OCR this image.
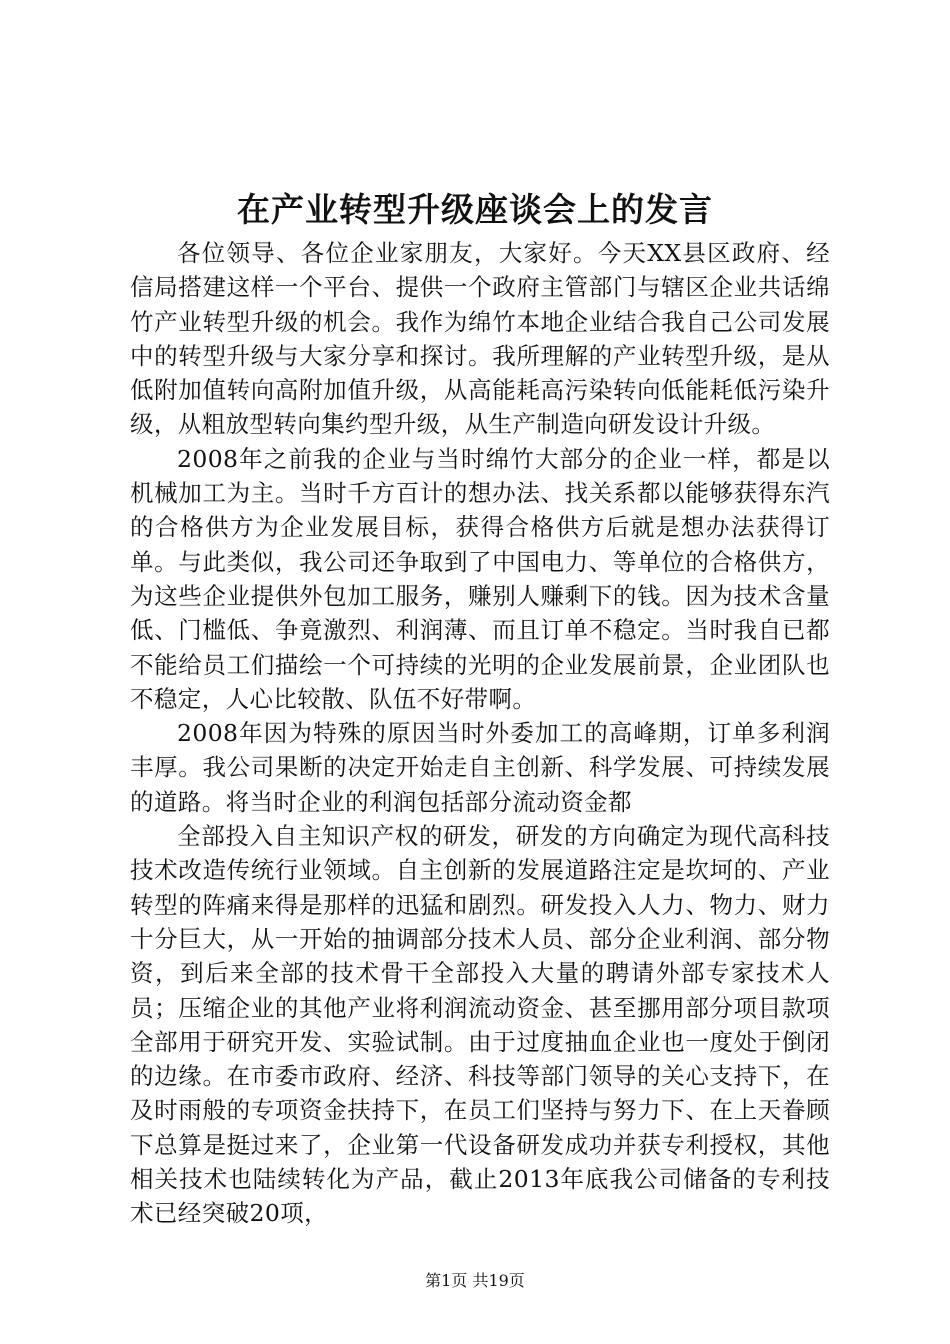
在产业转型升级座谈会上的发言

各位领导、各位企业家朋友，大家好。今天XX县区政府、经信局搭建这样一个平台、提供一个政府主管部门与辖区企业共话绵竹产业转型升级的机会。我作为绵竹本地企业结合我自己公司发展中的转型升级与大家分享和探讨。我所理解的产业转型升级，是从低附加值转向高附加值升级，从高能耗高污染转向低能耗低污染升级，从粗放型转向集约型升级，从生产制造向研发设计升级。

2008年之前我的企业与当时绵竹大部分的企业一样，都是以机械加工为主。当时千方百计的想办法、找关系都以能够获得东汽的合格供方为企业发展目标，获得合格供方后就是想办法获得订单。与此类似，我公司还争取到了中国电力、等单位的合格供方，为这些企业提供外包加工服务，赚别人赚剩下的钱。因为技术含量低、门槛低、争竟激烈、利润薄、而且订单不稳定。当时我自已都不能给员工们描绘一个可持续的光明的企业发展前景，企业团队也不稳定，人心比较散、队伍不好带啊。

2008年因为特殊的原因当时外委加工的高峰期，订单多利润丰厚。我公司果断的决定开始走自主创新、科学发展、可持续发展的道路。将当时企业的利润包括部分流动资金都

全部投入自主知识产权的研发，研发的方向确定为现代高科技技术改造传统行业领域。自主创新的发展道路注定是坎坷的、产业转型的阵痛来得是那样的迅猛和剧烈。研发投入人力、物力、财力十分巨大，从一开始的抽调部分技术人员、部分企业利润、部分物资，到后来全部的技术骨干全部投入大量的聘请外部专家技术人员；压缩企业的其他产业将利润流动资金、甚至挪用部分项目款项全部用于研究开发、实验试制。由于过度抽血企业也一度处于倒闭的边缘。在市委市政府、经济、科技等部门领导的关心支持下，在及时雨般的专项资金扶持下，在员工们坚持与努力下、在上天眷顾下总算是挺过来了，企业第一代设备研发成功并获专利授权，其他相关技术也陆续转化为产品，截止2013年底我公司储备的专利技术已经突破20项，

第1页 共19页
